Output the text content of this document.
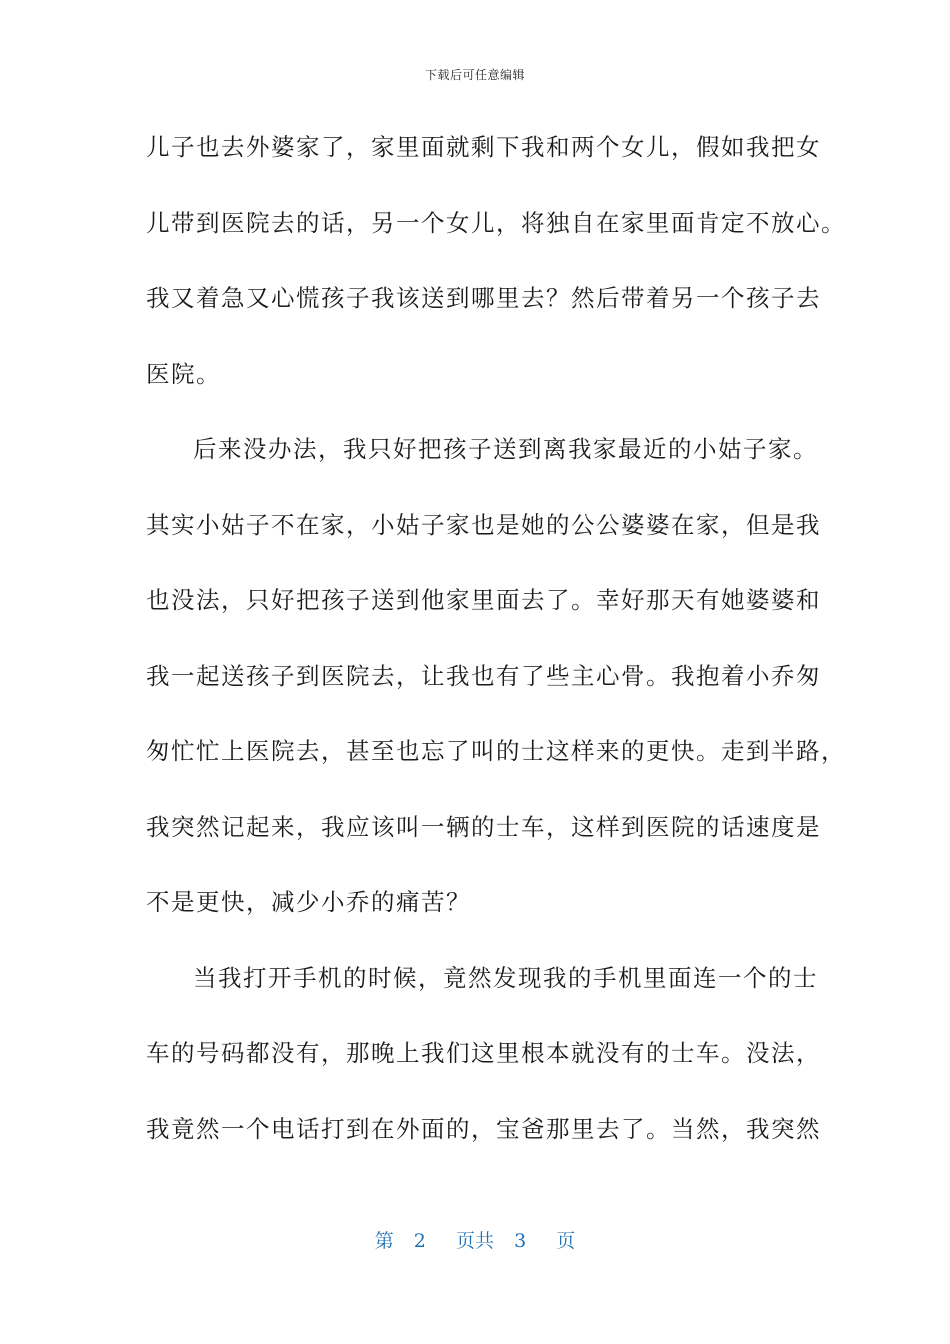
下载后可任意编辑
儿子也去外婆家了，家里面就剩下我和两个女儿，假如我把女
儿带到医院去的话，另一个女儿，将独自在家里面肯定不放心。
我又着急又心慌孩子我该送到哪里去？然后带着另一个孩子去
医院。
后来没办法，我只好把孩子送到离我家最近的小姑子家。
其实小姑子不在家，小姑子家也是她的公公婆婆在家，但是我
也没法，只好把孩子送到他家里面去了。幸好那天有她婆婆和
我一起送孩子到医院去，让我也有了些主心骨。我抱着小乔匆
匆忙忙上医院去，甚至也忘了叫的士这样来的更快。走到半路，
我突然记起来，我应该叫一辆的士车，这样到医院的话速度是
不是更快，减少小乔的痛苦？
当我打开手机的时候，竟然发现我的手机里面连一个的士
车的号码都没有，那晚上我们这里根本就没有的士车。没法，
我竟然一个电话打到在外面的，宝爸那里去了。当然，我突然
第  2   页共  3   页
